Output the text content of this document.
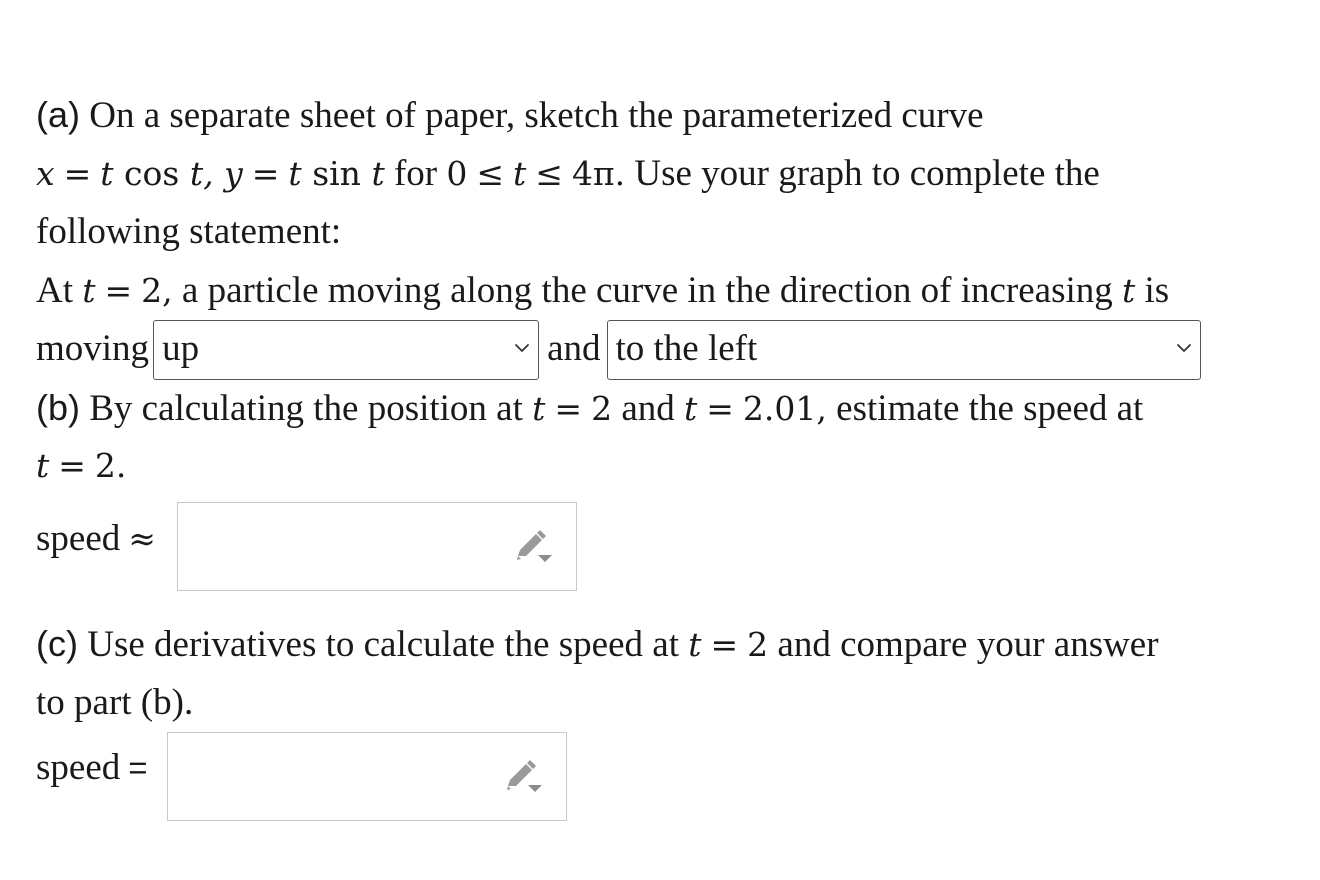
(a) On a separate sheet of paper, sketch the parameterized curve
x = t cos t, y = t sin t for 0 ≤ t ≤ 4π. Use your graph to complete the
following statement:
At t = 2, a particle moving along the curve in the direction of increasing t is
moving up	and to the left
(b) By calculating the position at t = 2 and t = 2.01, estimate the speed at
t = 2.
speed ≈
(c) Use derivatives to calculate the speed at t = 2 and compare your answer
to part (b).
speed =
